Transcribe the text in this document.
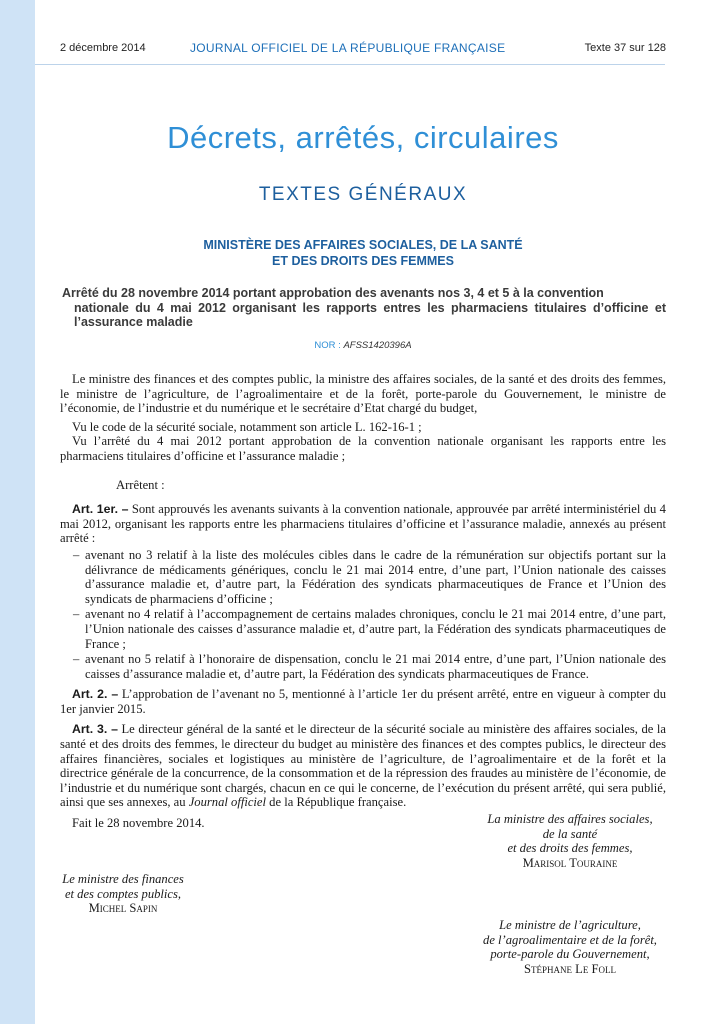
2 décembre 2014	JOURNAL OFFICIEL DE LA RÉPUBLIQUE FRANÇAISE	Texte 37 sur 128
Décrets, arrêtés, circulaires
TEXTES GÉNÉRAUX
MINISTÈRE DES AFFAIRES SOCIALES, DE LA SANTÉ
ET DES DROITS DES FEMMES
Arrêté du 28 novembre 2014 portant approbation des avenants nos 3, 4 et 5 à la convention
nationale du 4 mai 2012 organisant les rapports entres les pharmaciens titulaires d’officine et l’assurance maladie
NOR : AFSS1420396A

Le ministre des finances et des comptes public, la ministre des affaires sociales, de la santé et des droits des femmes, le ministre de l’agriculture, de l’agroalimentaire et de la forêt, porte-parole du Gouvernement, le ministre de l’économie, de l’industrie et du numérique et le secrétaire d’Etat chargé du budget,

Vu le code de la sécurité sociale, notamment son article L. 162-16-1 ;

Vu l’arrêté du 4 mai 2012 portant approbation de la convention nationale organisant les rapports entre les pharmaciens titulaires d’officine et l’assurance maladie ;

Arrêtent :

Art. 1er. – Sont approuvés les avenants suivants à la convention nationale, approuvée par arrêté interministériel du 4 mai 2012, organisant les rapports entre les pharmaciens titulaires d’officine et l’assurance maladie, annexés au présent arrêté :

– avenant no 3 relatif à la liste des molécules cibles dans le cadre de la rémunération sur objectifs portant sur la délivrance de médicaments génériques, conclu le 21 mai 2014 entre, d’une part, l’Union nationale des caisses d’assurance maladie et, d’autre part, la Fédération des syndicats pharmaceutiques de France et l’Union des syndicats de pharmaciens d’officine ;
– avenant no 4 relatif à l’accompagnement de certains malades chroniques, conclu le 21 mai 2014 entre, d’une part, l’Union nationale des caisses d’assurance maladie et, d’autre part, la Fédération des syndicats pharmaceutiques de France ;
– avenant no 5 relatif à l’honoraire de dispensation, conclu le 21 mai 2014 entre, d’une part, l’Union nationale des caisses d’assurance maladie et, d’autre part, la Fédération des syndicats pharmaceutiques de France.

Art. 2. – L’approbation de l’avenant no 5, mentionné à l’article 1er du présent arrêté, entre en vigueur à compter du 1er janvier 2015.

Art. 3. – Le directeur général de la santé et le directeur de la sécurité sociale au ministère des affaires sociales, de la santé et des droits des femmes, le directeur du budget au ministère des finances et des comptes publics, le directeur des affaires financières, sociales et logistiques au ministère de l’agriculture, de l’agroalimentaire et de la forêt et la directrice générale de la concurrence, de la consommation et de la répression des fraudes au ministère de l’économie, de l’industrie et du numérique sont chargés, chacun en ce qui le concerne, de l’exécution du présent arrêté, qui sera publié, ainsi que ses annexes, au Journal officiel de la République française.

Fait le 28 novembre 2014.	La ministre des affaires sociales,
de la santé
et des droits des femmes,
Marisol Touraine
Le ministre des finances
et des comptes publics,
Michel Sapin
Le ministre de l’agriculture,
de l’agroalimentaire et de la forêt,
porte-parole du Gouvernement,
Stéphane Le Foll
